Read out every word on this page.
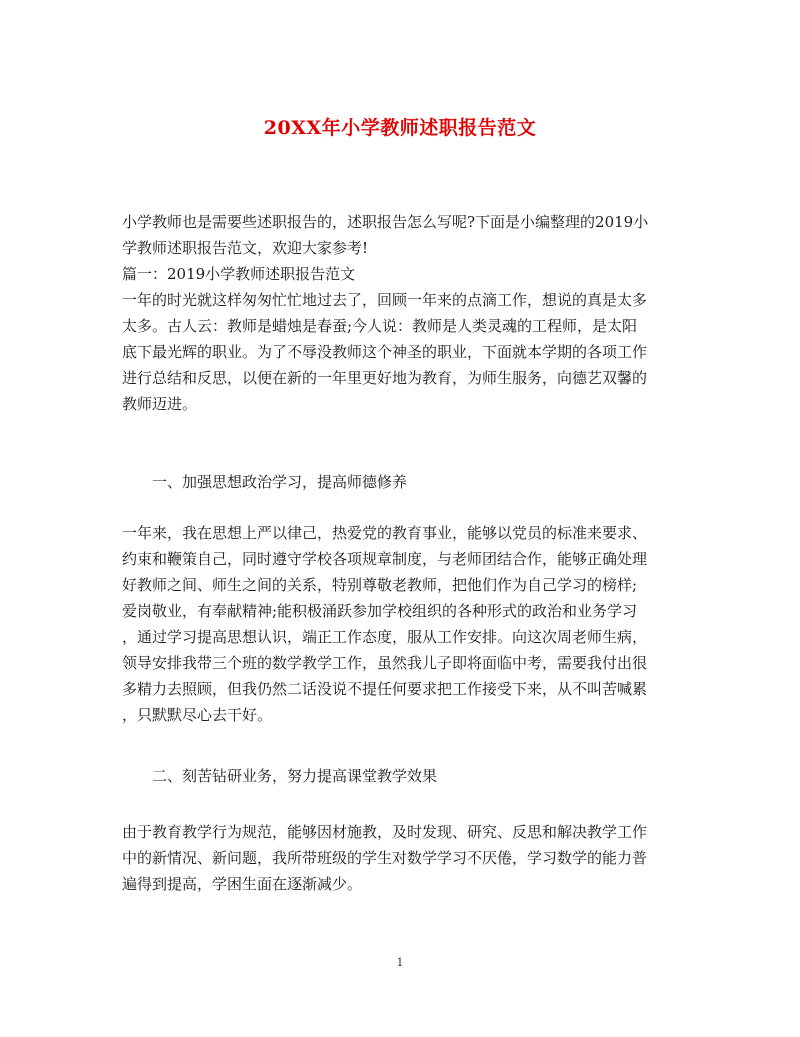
20XX年小学教师述职报告范文
小学教师也是需要些述职报告的，述职报告怎么写呢?下面是小编整理的2019小
学教师述职报告范文，欢迎大家参考!
篇一：2019小学教师述职报告范文
一年的时光就这样匆匆忙忙地过去了，回顾一年来的点滴工作，想说的真是太多
太多。古人云：教师是蜡烛是春蚕;今人说：教师是人类灵魂的工程师，是太阳
底下最光辉的职业。为了不辱没教师这个神圣的职业，下面就本学期的各项工作
进行总结和反思，以便在新的一年里更好地为教育，为师生服务，向德艺双馨的
教师迈进。
一、加强思想政治学习，提高师德修养
一年来，我在思想上严以律己，热爱党的教育事业，能够以党员的标准来要求、
约束和鞭策自己，同时遵守学校各项规章制度，与老师团结合作，能够正确处理
好教师之间、师生之间的关系，特别尊敬老教师，把他们作为自己学习的榜样;
爱岗敬业，有奉献精神;能积极涌跃参加学校组织的各种形式的政治和业务学习
，通过学习提高思想认识，端正工作态度，服从工作安排。向这次周老师生病，
领导安排我带三个班的数学教学工作，虽然我儿子即将面临中考，需要我付出很
多精力去照顾，但我仍然二话没说不提任何要求把工作接受下来，从不叫苦喊累
，只默默尽心去干好。
二、刻苦钻研业务，努力提高课堂教学效果
由于教育教学行为规范，能够因材施教，及时发现、研究、反思和解决教学工作
中的新情况、新问题，我所带班级的学生对数学学习不厌倦，学习数学的能力普
遍得到提高，学困生面在逐渐减少。
1
